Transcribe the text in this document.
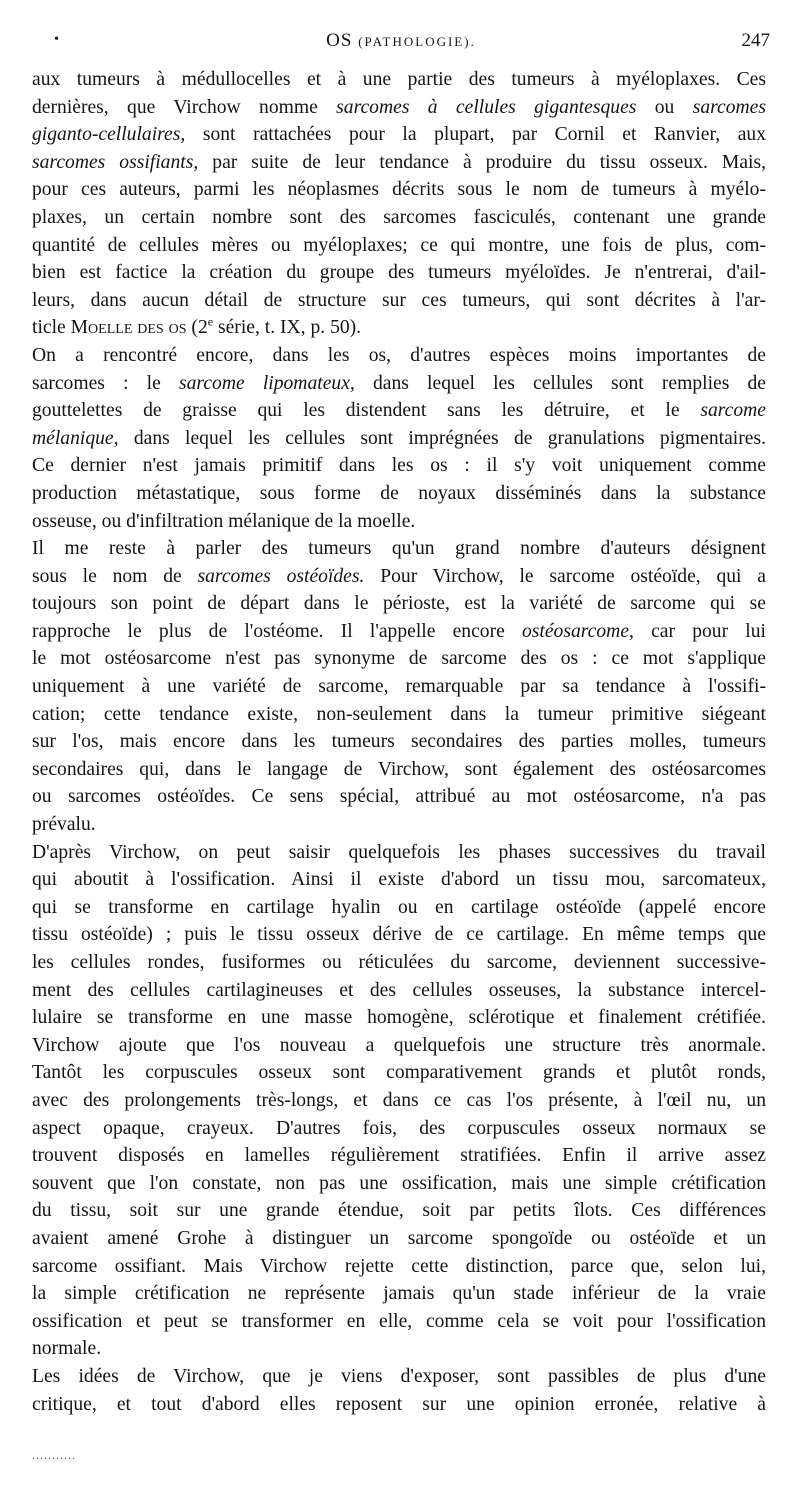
•	OS (PATHOLOGIE).	247
aux tumeurs à médullocelles et à une partie des tumeurs à myéloplaxes. Ces
dernières, que Virchow nomme sarcomes à cellules gigantesques ou sarcomes
giganto-cellulaires, sont rattachées pour la plupart, par Cornil et Ranvier, aux
sarcomes ossifiants, par suite de leur tendance à produire du tissu osseux. Mais,
pour ces auteurs, parmi les néoplasmes décrits sous le nom de tumeurs à myélo-
plaxes, un certain nombre sont des sarcomes fasciculés, contenant une grande
quantité de cellules mères ou myéloplaxes; ce qui montre, une fois de plus, com-
bien est factice la création du groupe des tumeurs myéloïdes. Je n'entrerai, d'ail-
leurs, dans aucun détail de structure sur ces tumeurs, qui sont décrites à l'ar-
ticle Moelle des os (2e série, t. IX, p. 50).
On a rencontré encore, dans les os, d'autres espèces moins importantes de
sarcomes : le sarcome lipomateux, dans lequel les cellules sont remplies de
gouttelettes de graisse qui les distendent sans les détruire, et le sarcome
mélanique, dans lequel les cellules sont imprégnées de granulations pigmentaires.
Ce dernier n'est jamais primitif dans les os : il s'y voit uniquement comme
production métastatique, sous forme de noyaux disséminés dans la substance
osseuse, ou d'infiltration mélanique de la moelle.
Il me reste à parler des tumeurs qu'un grand nombre d'auteurs désignent
sous le nom de sarcomes ostéoïdes. Pour Virchow, le sarcome ostéoïde, qui a
toujours son point de départ dans le périoste, est la variété de sarcome qui se
rapproche le plus de l'ostéome. Il l'appelle encore ostéosarcome, car pour lui
le mot ostéosarcome n'est pas synonyme de sarcome des os : ce mot s'applique
uniquement à une variété de sarcome, remarquable par sa tendance à l'ossifi-
cation; cette tendance existe, non-seulement dans la tumeur primitive siégeant
sur l'os, mais encore dans les tumeurs secondaires des parties molles, tumeurs
secondaires qui, dans le langage de Virchow, sont également des ostéosarcomes
ou sarcomes ostéoïdes. Ce sens spécial, attribué au mot ostéosarcome, n'a pas
prévalu.
D'après Virchow, on peut saisir quelquefois les phases successives du travail
qui aboutit à l'ossification. Ainsi il existe d'abord un tissu mou, sarcomateux,
qui se transforme en cartilage hyalin ou en cartilage ostéoïde (appelé encore
tissu ostéoïde) ; puis le tissu osseux dérive de ce cartilage. En même temps que
les cellules rondes, fusiformes ou réticulées du sarcome, deviennent successive-
ment des cellules cartilagineuses et des cellules osseuses, la substance intercel-
lulaire se transforme en une masse homogène, sclérotique et finalement crétifiée.
Virchow ajoute que l'os nouveau a quelquefois une structure très anormale.
Tantôt les corpuscules osseux sont comparativement grands et plutôt ronds,
avec des prolongements très-longs, et dans ce cas l'os présente, à l'œil nu, un
aspect opaque, crayeux. D'autres fois, des corpuscules osseux normaux se
trouvent disposés en lamelles régulièrement stratifiées. Enfin il arrive assez
souvent que l'on constate, non pas une ossification, mais une simple crétification
du tissu, soit sur une grande étendue, soit par petits îlots. Ces différences
avaient amené Grohe à distinguer un sarcome spongoïde ou ostéoïde et un
sarcome ossifiant. Mais Virchow rejette cette distinction, parce que, selon lui,
la simple crétification ne représente jamais qu'un stade inférieur de la vraie
ossification et peut se transformer en elle, comme cela se voit pour l'ossification
normale.
Les idées de Virchow, que je viens d'exposer, sont passibles de plus d'une
critique, et tout d'abord elles reposent sur une opinion erronée, relative à
...........
